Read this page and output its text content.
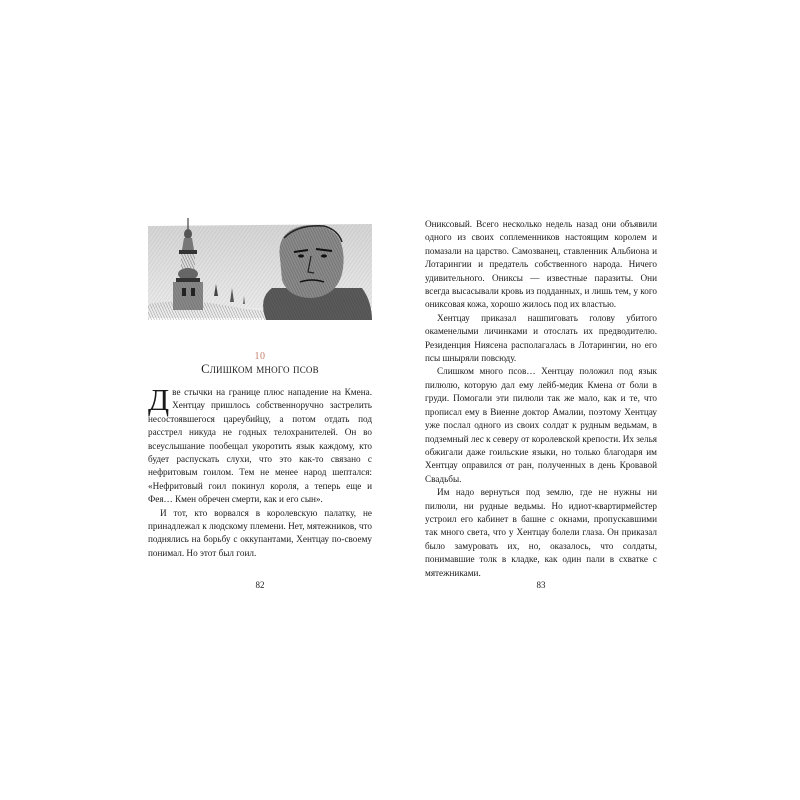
10
Слишком много псов

Две стычки на границе плюс нападение на Кмена. Хентцау пришлось собственноручно застрелить несостоявшегося цареубийцу, а потом отдать под расстрел никуда не годных телохранителей. Он во всеуслышание пообещал укоротить язык каждому, кто будет распускать слухи, что это как-то связано с нефритовым гоилом. Тем не менее народ шептался: «Нефритовый гоил покинул короля, а теперь еще и Фея… Кмен обречен смерти, как и его сын».

И тот, кто ворвался в королевскую палатку, не принадлежал к людскому племени. Нет, мятежников, что поднялись на борьбу с оккупантами, Хентцау по-своему понимал. Но этот был гоил.

82

Ониксовый. Всего несколько недель назад они объявили одного из своих соплеменников настоящим королем и помазали на царство. Самозванец, ставленник Альбиона и Лотарингии и предатель собственного народа. Ничего удивительного. Ониксы — известные паразиты. Они всегда высасывали кровь из подданных, и лишь тем, у кого ониксовая кожа, хорошо жилось под их властью.

Хентцау приказал нашпиговать голову убитого окаменелыми личинками и отослать их предводителю. Резиденция Ниясена располагалась в Лотарингии, но его псы шныряли повсюду.

Слишком много псов… Хентцау положил под язык пилюлю, которую дал ему лейб-медик Кмена от боли в груди. Помогали эти пилюли так же мало, как и те, что прописал ему в Виенне доктор Амалии, поэтому Хентцау уже послал одного из своих солдат к рудным ведьмам, в подземный лес к северу от королевской крепости. Их зелья обжигали даже гоильские языки, но только благодаря им Хентцау оправился от ран, полученных в день Кровавой Свадьбы.

Им надо вернуться под землю, где не нужны ни пилюли, ни рудные ведьмы. Но идиот-квартирмейстер устроил его кабинет в башне с окнами, пропускавшими так много света, что у Хентцау болели глаза. Он приказал было замуровать их, но, оказалось, что солдаты, понимавшие толк в кладке, как один пали в схватке с мятежниками.

83
